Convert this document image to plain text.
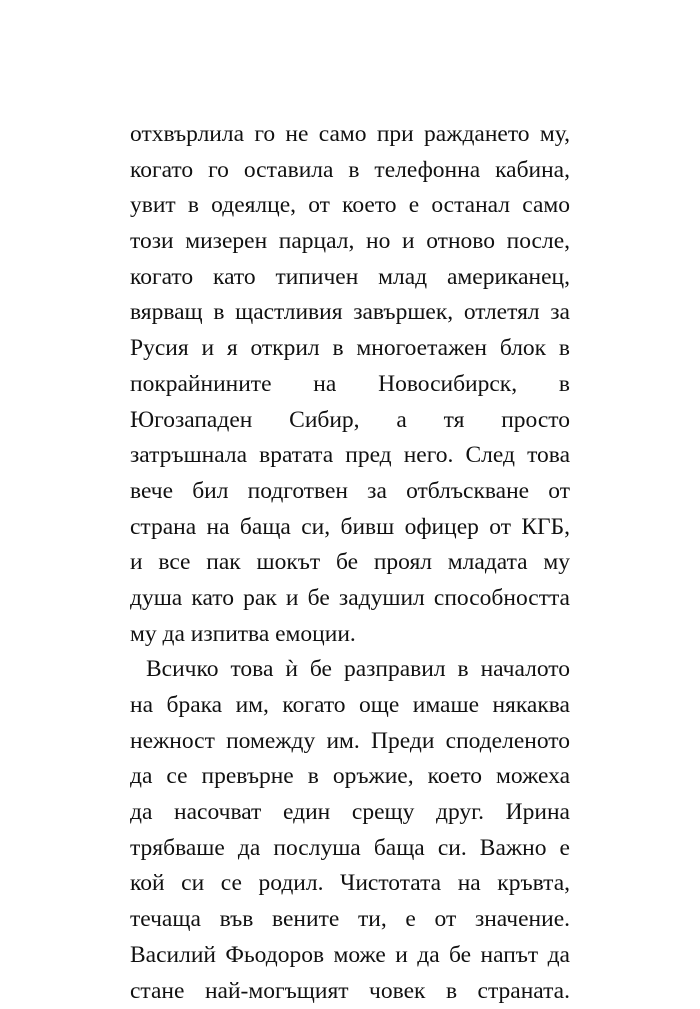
отхвърлила го не само при раждането му,
когато го оставила в телефонна кабина,
увит в одеялце, от което е останал само
този мизерен парцал, но и отново после,
когато като типичен млад американец,
вярващ в щастливия завършек, отлетял за
Русия и я открил в многоетажен блок в
покрайнините на Новосибирск, в
Югозападен Сибир, а тя просто
затръшнала вратата пред него. След това
вече бил подготвен за отблъскване от
страна на баща си, бивш офицер от КГБ,
и все пак шокът бе проял младата му
душа като рак и бе задушил способността
му да изпитва емоции.
Всичко това ѝ бе разправил в началото
на брака им, когато още имаше някаква
нежност помежду им. Преди споделеното
да се превърне в оръжие, което можеха
да насочват един срещу друг. Ирина
трябваше да послуша баща си. Важно е
кой си се родил. Чистотата на кръвта,
течаща във вените ти, е от значение.
Василий Фьодоров може и да бе напът да
стане най-могъщият човек в страната.
